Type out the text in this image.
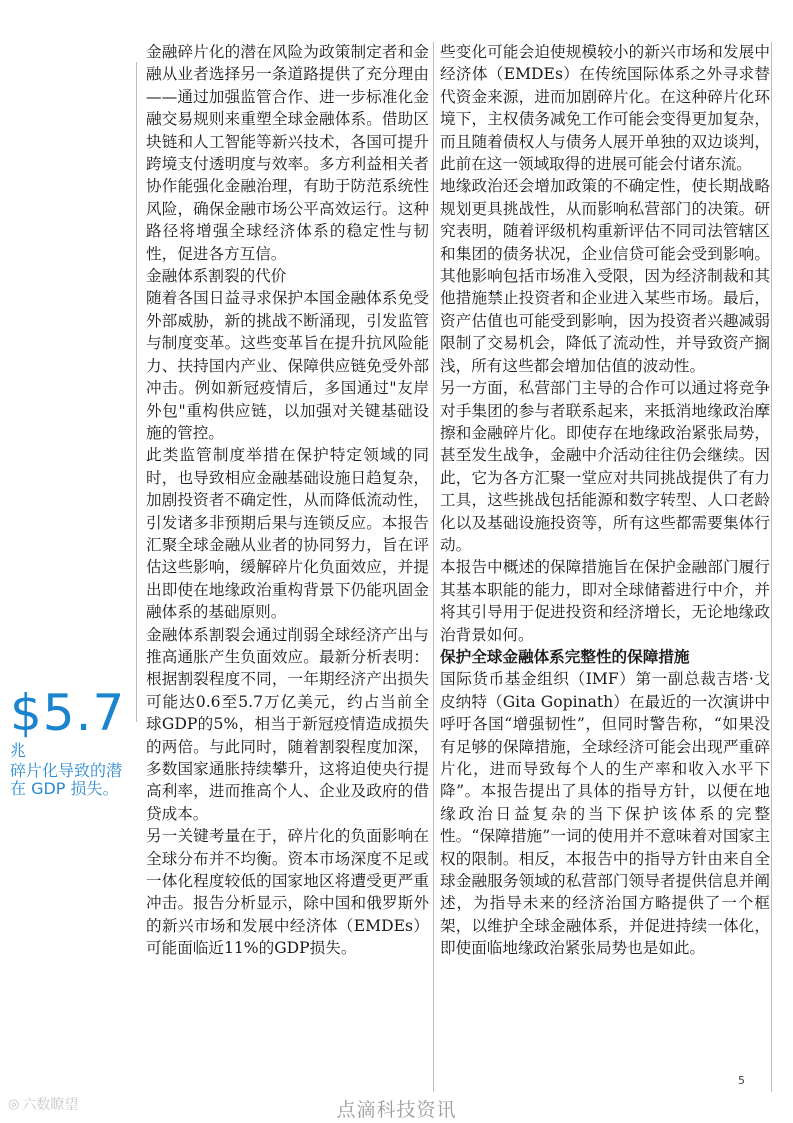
$5.7
兆
碎片化导致的潜在 GDP 损失。

金融碎片化的潜在风险为政策制定者和金融从业者选择另一条道路提供了充分理由——通过加强监管合作、进一步标准化金融交易规则来重塑全球金融体系。借助区块链和人工智能等新兴技术，各国可提升跨境支付透明度与效率。多方利益相关者协作能强化金融治理，有助于防范系统性风险，确保金融市场公平高效运行。这种路径将增强全球经济体系的稳定性与韧性，促进各方互信。

金融体系割裂的代价

随着各国日益寻求保护本国金融体系免受外部威胁，新的挑战不断涌现，引发监管与制度变革。这些变革旨在提升抗风险能力、扶持国内产业、保障供应链免受外部冲击。例如新冠疫情后，多国通过"友岸外包"重构供应链，以加强对关键基础设施的管控。

此类监管制度举措在保护特定领域的同时，也导致相应金融基础设施日趋复杂，加剧投资者不确定性，从而降低流动性，引发诸多非预期后果与连锁反应。本报告汇聚全球金融从业者的协同努力，旨在评估这些影响，缓解碎片化负面效应，并提出即使在地缘政治重构背景下仍能巩固金融体系的基础原则。

金融体系割裂会通过削弱全球经济产出与推高通胀产生负面效应。最新分析表明：根据割裂程度不同，一年期经济产出损失可能达0.6至5.7万亿美元，约占当前全球GDP的5%，相当于新冠疫情造成损失的两倍。与此同时，随着割裂程度加深，多数国家通胀持续攀升，这将迫使央行提高利率，进而推高个人、企业及政府的借贷成本。

另一关键考量在于，碎片化的负面影响在全球分布并不均衡。资本市场深度不足或一体化程度较低的国家地区将遭受更严重冲击。报告分析显示，除中国和俄罗斯外的新兴市场和发展中经济体（EMDEs）可能面临近11%的GDP损失。

些变化可能会迫使规模较小的新兴市场和发展中经济体（EMDEs）在传统国际体系之外寻求替代资金来源，进而加剧碎片化。在这种碎片化环境下，主权债务减免工作可能会变得更加复杂，而且随着债权人与债务人展开单独的双边谈判，此前在这一领域取得的进展可能会付诸东流。

地缘政治还会增加政策的不确定性，使长期战略规划更具挑战性，从而影响私营部门的决策。研究表明，随着评级机构重新评估不同司法管辖区和集团的债务状况，企业信贷可能会受到影响。其他影响包括市场准入受限，因为经济制裁和其他措施禁止投资者和企业进入某些市场。最后，资产估值也可能受到影响，因为投资者兴趣减弱限制了交易机会，降低了流动性，并导致资产搁浅，所有这些都会增加估值的波动性。

另一方面，私营部门主导的合作可以通过将竞争对手集团的参与者联系起来，来抵消地缘政治摩擦和金融碎片化。即使存在地缘政治紧张局势，甚至发生战争，金融中介活动往往仍会继续。因此，它为各方汇聚一堂应对共同挑战提供了有力工具，这些挑战包括能源和数字转型、人口老龄化以及基础设施投资等，所有这些都需要集体行动。

本报告中概述的保障措施旨在保护金融部门履行其基本职能的能力，即对全球储蓄进行中介，并将其引导用于促进投资和经济增长，无论地缘政治背景如何。

保护全球金融体系完整性的保障措施

国际货币基金组织（IMF）第一副总裁吉塔·戈皮纳特（Gita Gopinath）在最近的一次演讲中呼吁各国“增强韧性”，但同时警告称，“如果没有足够的保障措施，全球经济可能会出现严重碎片化，进而导致每个人的生产率和收入水平下降”。本报告提出了具体的指导方针，以便在地缘政治日益复杂的当下保护该体系的完整性。“保障措施”一词的使用并不意味着对国家主权的限制。相反，本报告中的指导方针由来自全球金融服务领域的私营部门领导者提供信息并阐述，为指导未来的经济治国方略提供了一个框架，以维护全球金融体系，并促进持续一体化，即使面临地缘政治紧张局势也是如此。

5
◎ 六数瞭望	点滴科技资讯
